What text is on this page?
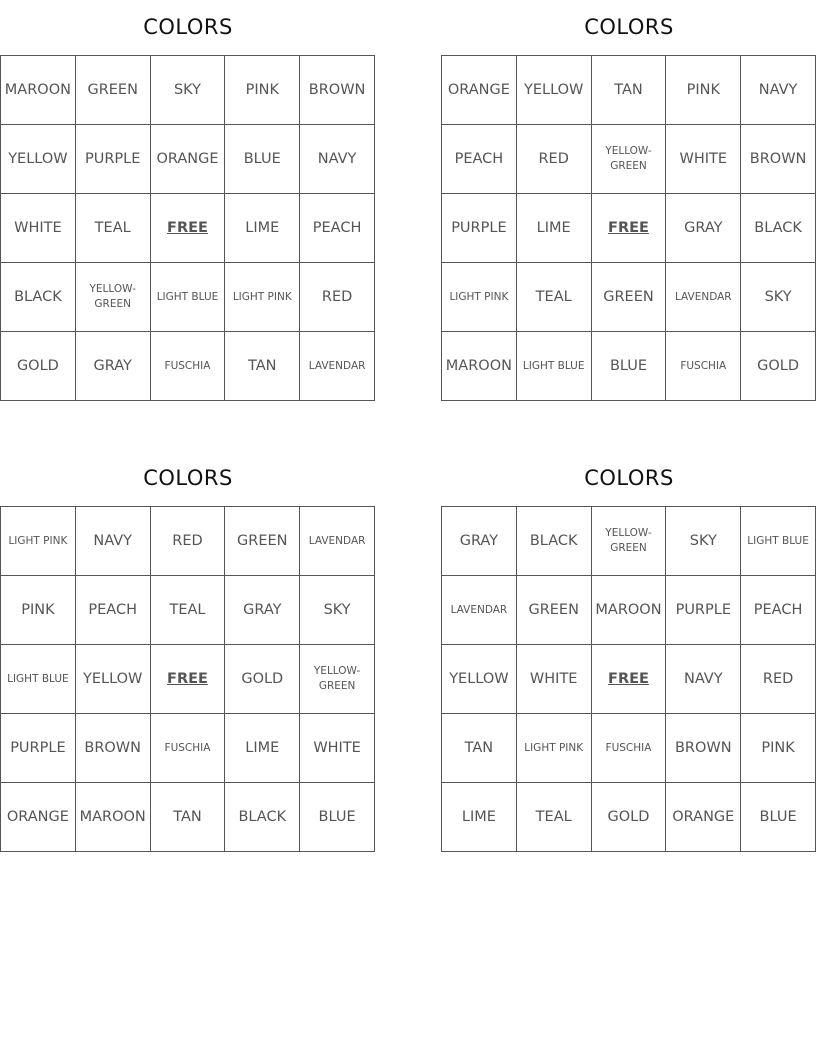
COLORS
MAROON	GREEN	SKY	PINK	BROWN
YELLOW	PURPLE	ORANGE	BLUE	NAVY
WHITE	TEAL	FREE	LIME	PEACH
BLACK	YELLOW-GREEN	LIGHT BLUE	LIGHT PINK	RED
GOLD	GRAY	FUSCHIA	TAN	LAVENDAR
COLORS
ORANGE	YELLOW	TAN	PINK	NAVY
PEACH	RED	YELLOW-GREEN	WHITE	BROWN
PURPLE	LIME	FREE	GRAY	BLACK
LIGHT PINK	TEAL	GREEN	LAVENDAR	SKY
MAROON	LIGHT BLUE	BLUE	FUSCHIA	GOLD
COLORS
LIGHT PINK	NAVY	RED	GREEN	LAVENDAR
PINK	PEACH	TEAL	GRAY	SKY
LIGHT BLUE	YELLOW	FREE	GOLD	YELLOW-GREEN
PURPLE	BROWN	FUSCHIA	LIME	WHITE
ORANGE	MAROON	TAN	BLACK	BLUE
COLORS
GRAY	BLACK	YELLOW-GREEN	SKY	LIGHT BLUE
LAVENDAR	GREEN	MAROON	PURPLE	PEACH
YELLOW	WHITE	FREE	NAVY	RED
TAN	LIGHT PINK	FUSCHIA	BROWN	PINK
LIME	TEAL	GOLD	ORANGE	BLUE
